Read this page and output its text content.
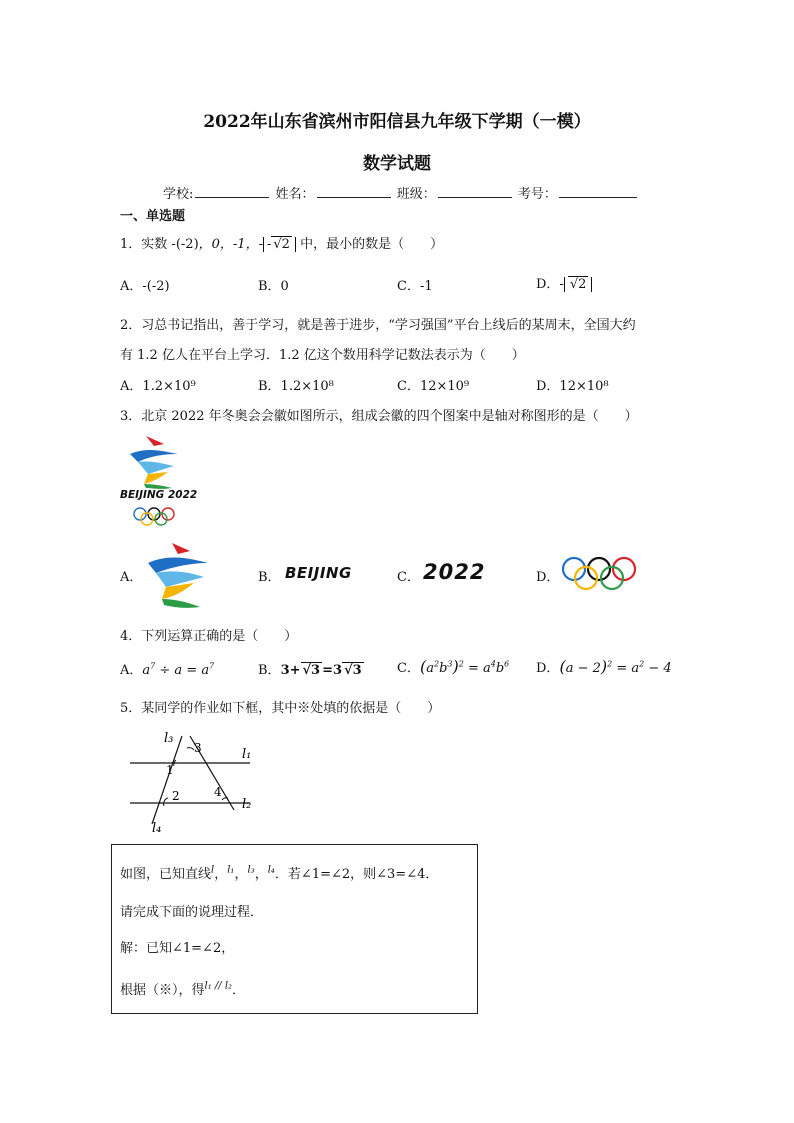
2022年山东省滨州市阳信县九年级下学期（一模）
数学试题
学校:	姓名：	班级：	考号：
一、单选题
1．实数 -(-2)，0，-1，- - √2 中，最小的数是（　　）
A．-(-2)	B．0	C．-1	D．- √2
2．习总书记指出，善于学习，就是善于进步，“学习强国”平台上线后的某周末，全国大约
有 1.2 亿人在平台上学习．1.2 亿这个数用科学记数法表示为（　　）
A．1.2×10⁹	B．1.2×10⁸	C．12×10⁹	D．12×10⁸
3．北京 2022 年冬奥会会徽如图所示，组成会徽的四个图案中是轴对称图形的是（　　）
BEIJING 2022
A．	B． BEIJING	C． 2022	D．
4．下列运算正确的是（　　）
A．$a^7 \div a = a^7$	B．3+ √3 =3 √3	C．$(a^2b^3)^2 = a^4b^6$ D．$(a - 2)^2 = a^2 - 4$
5．某同学的作业如下框，其中※处填的依据是（　　）
l₃
l₁
l₂
l₄
3
1
2	4
如图，已知直线$^l$，$^{l_1}$，$^{l_3}$，$^{l_4}$．若∠1=∠2，则∠3=∠4．
请完成下面的说理过程．
解：已知∠1=∠2，
根据（※），得$^{l_1 // l_2}$．
